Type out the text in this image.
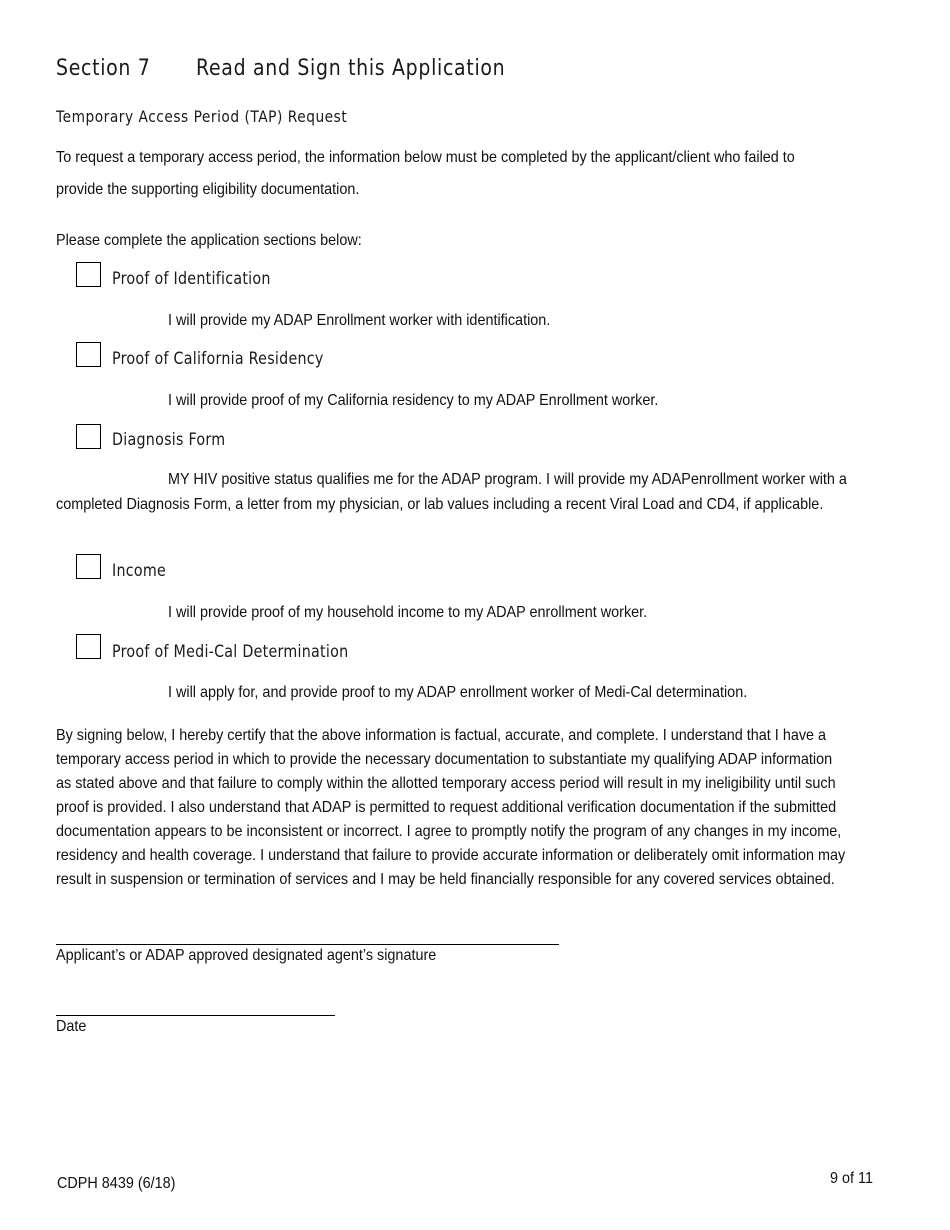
Section 7 Read and Sign this Application
Temporary Access Period (TAP) Request
To request a temporary access period, the information below must be completed by the applicant/client who failed to
provide the supporting eligibility documentation.
Please complete the application sections below:
Proof of Identification
I will provide my ADAP Enrollment worker with identification.
Proof of California Residency
I will provide proof of my California residency to my ADAP Enrollment worker.
Diagnosis Form
MY HIV positive status qualifies me for the ADAP program. I will provide my ADAPenrollment worker with a
completed Diagnosis Form, a letter from my physician, or lab values including a recent Viral Load and CD4, if applicable.
Income
I will provide proof of my household income to my ADAP enrollment worker.
Proof of Medi-Cal Determination
I will apply for, and provide proof to my ADAP enrollment worker of Medi-Cal determination.
By signing below, I hereby certify that the above information is factual, accurate, and complete. I understand that I have a
temporary access period in which to provide the necessary documentation to substantiate my qualifying ADAP information
as stated above and that failure to comply within the allotted temporary access period will result in my ineligibility until such
proof is provided. I also understand that ADAP is permitted to request additional verification documentation if the submitted
documentation appears to be inconsistent or incorrect. I agree to promptly notify the program of any changes in my income,
residency and health coverage. I understand that failure to provide accurate information or deliberately omit information may
result in suspension or termination of services and I may be held financially responsible for any covered services obtained.
Applicant’s or ADAP approved designated agent’s signature
Date
CDPH 8439 (6/18)	9 of 11
